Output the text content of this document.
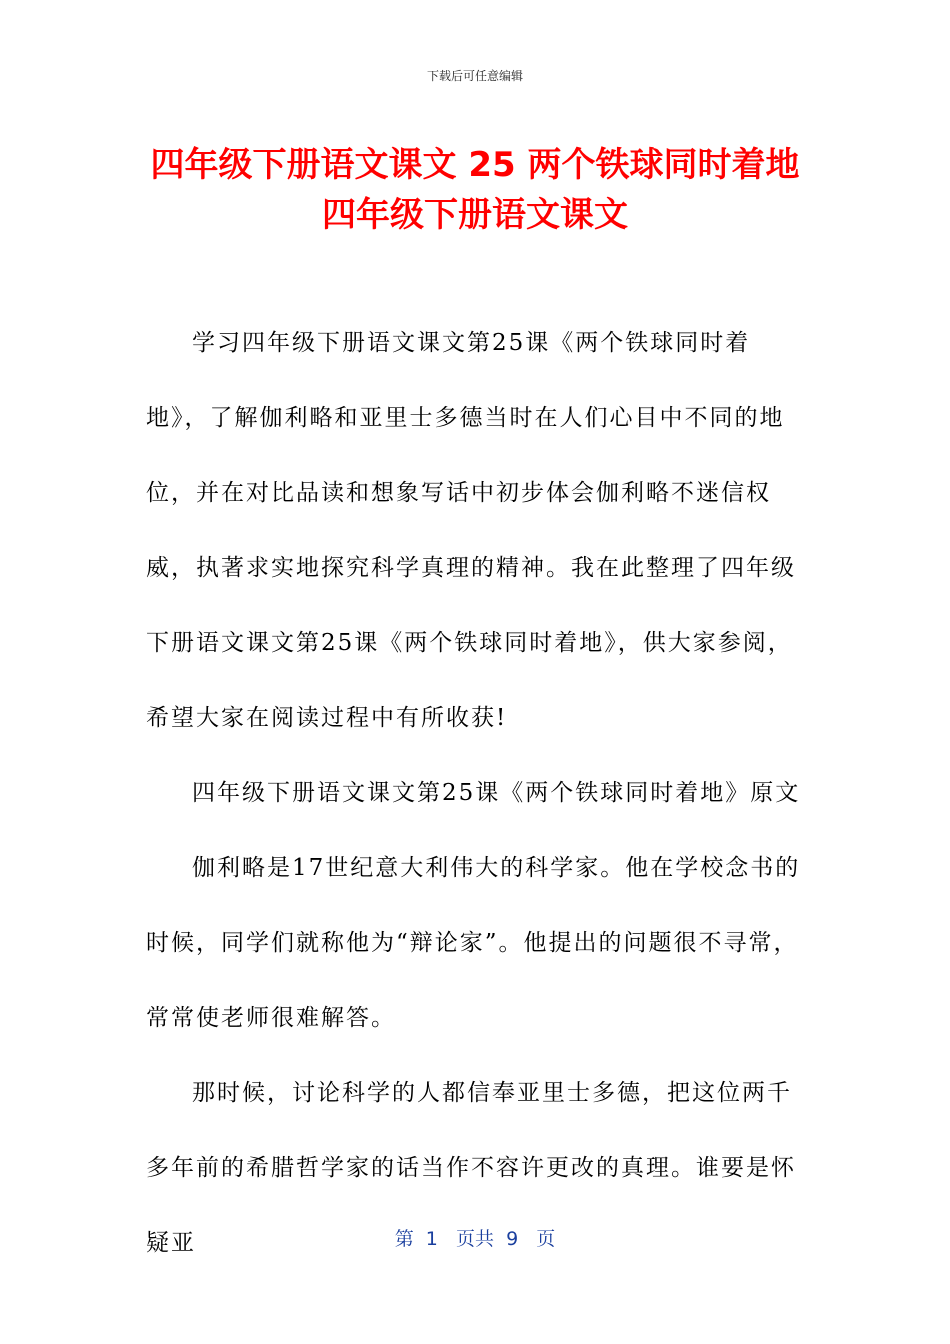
下载后可任意编辑
四年级下册语文课文 25 两个铁球同时着地
四年级下册语文课文

学习四年级下册语文课文第25课《两个铁球同时着地》，了解伽利略和亚里士多德当时在人们心目中不同的地位，并在对比品读和想象写话中初步体会伽利略不迷信权威，执著求实地探究科学真理的精神。我在此整理了四年级下册语文课文第25课《两个铁球同时着地》，供大家参阅，希望大家在阅读过程中有所收获!

四年级下册语文课文第25课《两个铁球同时着地》原文

伽利略是17世纪意大利伟大的科学家。他在学校念书的时候，同学们就称他为“辩论家”。他提出的问题很不寻常，常常使老师很难解答。

那时候，讨论科学的人都信奉亚里士多德，把这位两千多年前的希腊哲学家的话当作不容许更改的真理。谁要是怀疑亚	第  1   页共  9   页
